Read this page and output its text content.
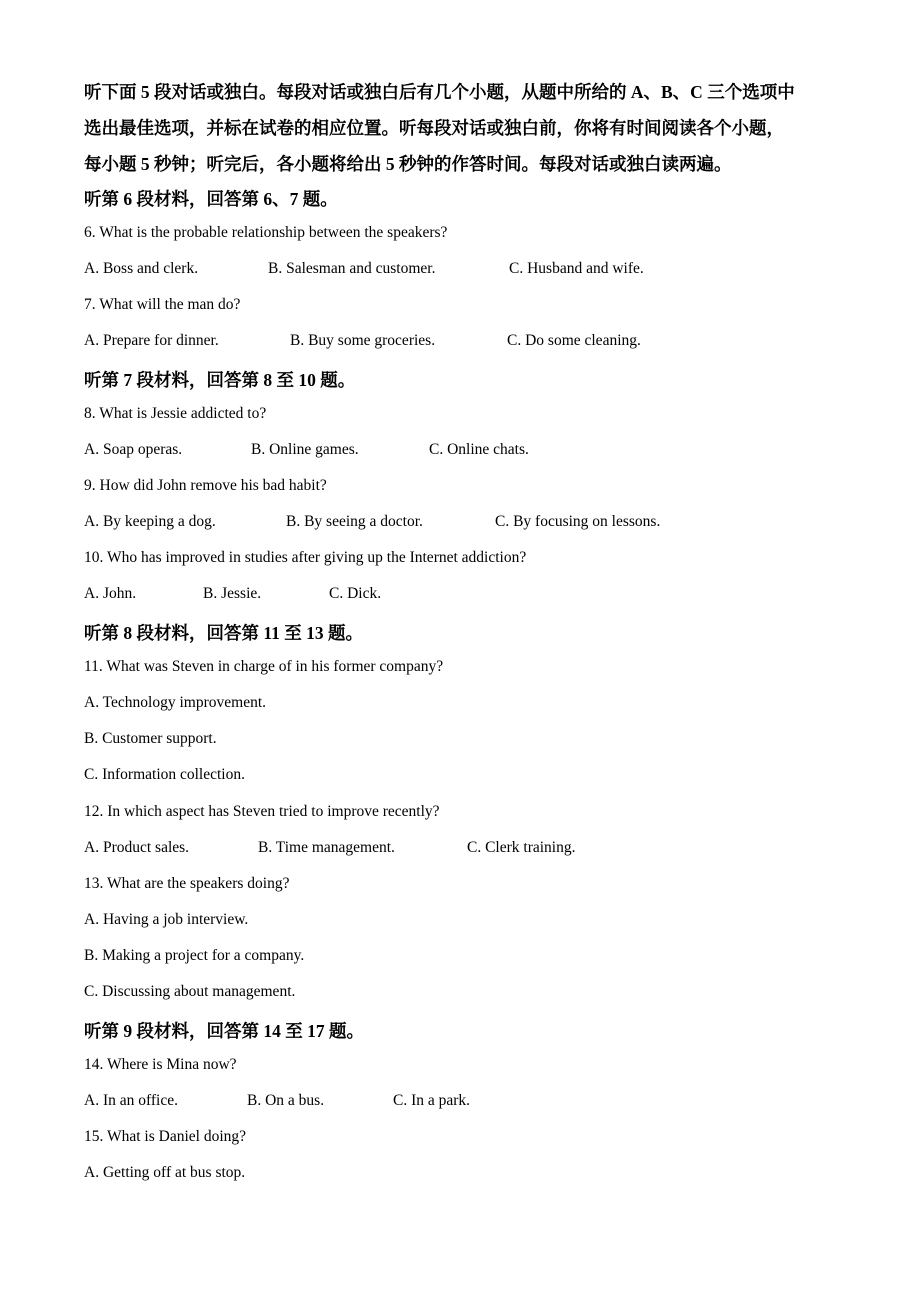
听下面 5 段对话或独白。每段对话或独白后有几个小题，从题中所给的 A、B、C 三个选项中
选出最佳选项，并标在试卷的相应位置。听每段对话或独白前，你将有时间阅读各个小题，
每小题 5 秒钟；听完后，各小题将给出 5 秒钟的作答时间。每段对话或独白读两遍。
听第 6 段材料，回答第 6、7 题。
6. What is the probable relationship between the speakers?
A. Boss and clerk.	B. Salesman and customer.	C. Husband and wife.
7. What will the man do?
A. Prepare for dinner.	B. Buy some groceries.	C. Do some cleaning.
听第 7 段材料，回答第 8 至 10 题。
8. What is Jessie addicted to?
A. Soap operas.	B. Online games.	C. Online chats.
9. How did John remove his bad habit?
A. By keeping a dog.	B. By seeing a doctor.	C. By focusing on lessons.
10. Who has improved in studies after giving up the Internet addiction?
A. John.	B. Jessie.	C. Dick.
听第 8 段材料，回答第 11 至 13 题。
11. What was Steven in charge of in his former company?
A. Technology improvement.
B. Customer support.
C. Information collection.
12. In which aspect has Steven tried to improve recently?
A. Product sales.	B. Time management.	C. Clerk training.
13. What are the speakers doing?
A. Having a job interview.
B. Making a project for a company.
C. Discussing about management.
听第 9 段材料，回答第 14 至 17 题。
14. Where is Mina now?
A. In an office.	B. On a bus.	C. In a park.
15. What is Daniel doing?
A. Getting off at bus stop.
